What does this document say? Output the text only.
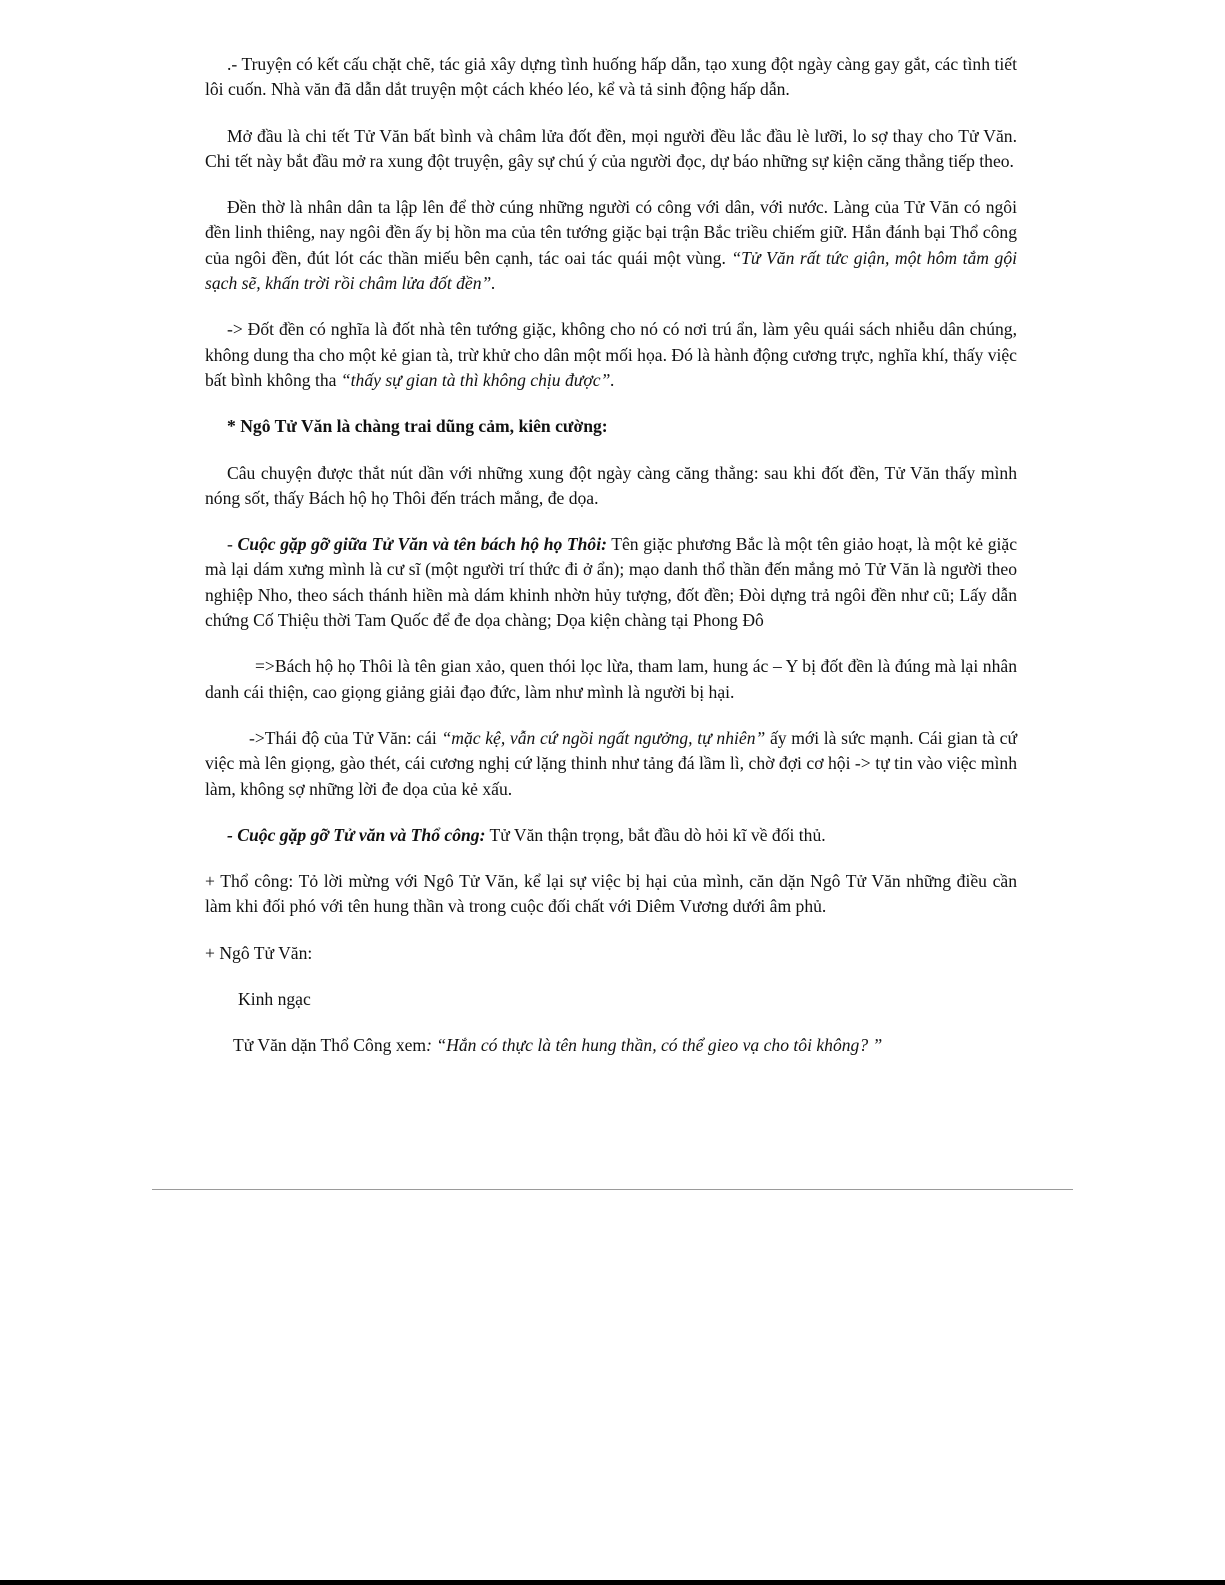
.- Truyện có kết cấu chặt chẽ, tác giả xây dựng tình huống hấp dẫn, tạo xung đột ngày càng gay gắt, các tình tiết lôi cuốn. Nhà văn đã dẫn dắt truyện một cách khéo léo, kể và tả sinh động hấp dẫn.

Mở đầu là chi tết Tử Văn bất bình và châm lửa đốt đền, mọi người đều lắc đầu lè lưỡi, lo sợ thay cho Tử Văn. Chi tết này bắt đầu mở ra xung đột truyện, gây sự chú ý của người đọc, dự báo những sự kiện căng thẳng tiếp theo.

Đền thờ là nhân dân ta lập lên để thờ cúng những người có công với dân, với nước. Làng của Tử Văn có ngôi đền linh thiêng, nay ngôi đền ấy bị hồn ma của tên tướng giặc bại trận Bắc triều chiếm giữ. Hắn đánh bại Thổ công của ngôi đền, đút lót các thần miếu bên cạnh, tác oai tác quái một vùng. “Tử Văn rất tức giận, một hôm tắm gội sạch sẽ, khấn trời rồi châm lửa đốt đền”.

-> Đốt đền có nghĩa là đốt nhà tên tướng giặc, không cho nó có nơi trú ẩn, làm yêu quái sách nhiễu dân chúng, không dung tha cho một kẻ gian tà, trừ khử cho dân một mối họa. Đó là hành động cương trực, nghĩa khí, thấy việc bất bình không tha “thấy sự gian tà thì không chịu được”.

* Ngô Tử Văn là chàng trai dũng cảm, kiên cường:

Câu chuyện được thắt nút dần với những xung đột ngày càng căng thẳng: sau khi đốt đền, Tử Văn thấy mình nóng sốt, thấy Bách hộ họ Thôi đến trách mắng, đe dọa.

- Cuộc gặp gỡ giữa Tử Văn và tên bách hộ họ Thôi: Tên giặc phương Bắc là một tên giảo hoạt, là một kẻ giặc mà lại dám xưng mình là cư sĩ (một người trí thức đi ở ẩn); mạo danh thổ thần đến mắng mỏ Tử Văn là người theo nghiệp Nho, theo sách thánh hiền mà dám khinh nhờn hủy tượng, đốt đền; Đòi dựng trả ngôi đền như cũ; Lấy dẫn chứng Cố Thiệu thời Tam Quốc để đe dọa chàng; Dọa kiện chàng tại Phong Đô

=>Bách hộ họ Thôi là tên gian xảo, quen thói lọc lừa, tham lam, hung ác – Y bị đốt đền là đúng mà lại nhân danh cái thiện, cao giọng giảng giải đạo đức, làm như mình là người bị hại.

->Thái độ của Tử Văn: cái “mặc kệ, vẫn cứ ngồi ngất ngưởng, tự nhiên” ấy mới là sức mạnh. Cái gian tà cứ việc mà lên giọng, gào thét, cái cương nghị cứ lặng thinh như tảng đá lầm lì, chờ đợi cơ hội -> tự tin vào việc mình làm, không sợ những lời đe dọa của kẻ xấu.

- Cuộc gặp gỡ Tử văn và Thổ công: Tử Văn thận trọng, bắt đầu dò hỏi kĩ về đối thủ.

+ Thổ công: Tỏ lời mừng với Ngô Tử Văn, kể lại sự việc bị hại của mình, căn dặn Ngô Tử Văn những điều cần làm khi đối phó với tên hung thần và trong cuộc đối chất với Diêm Vương dưới âm phủ.

+ Ngô Tử Văn:

Kinh ngạc

Tử Văn dặn Thổ Công xem: “Hắn có thực là tên hung thần, có thể gieo vạ cho tôi không? ”
